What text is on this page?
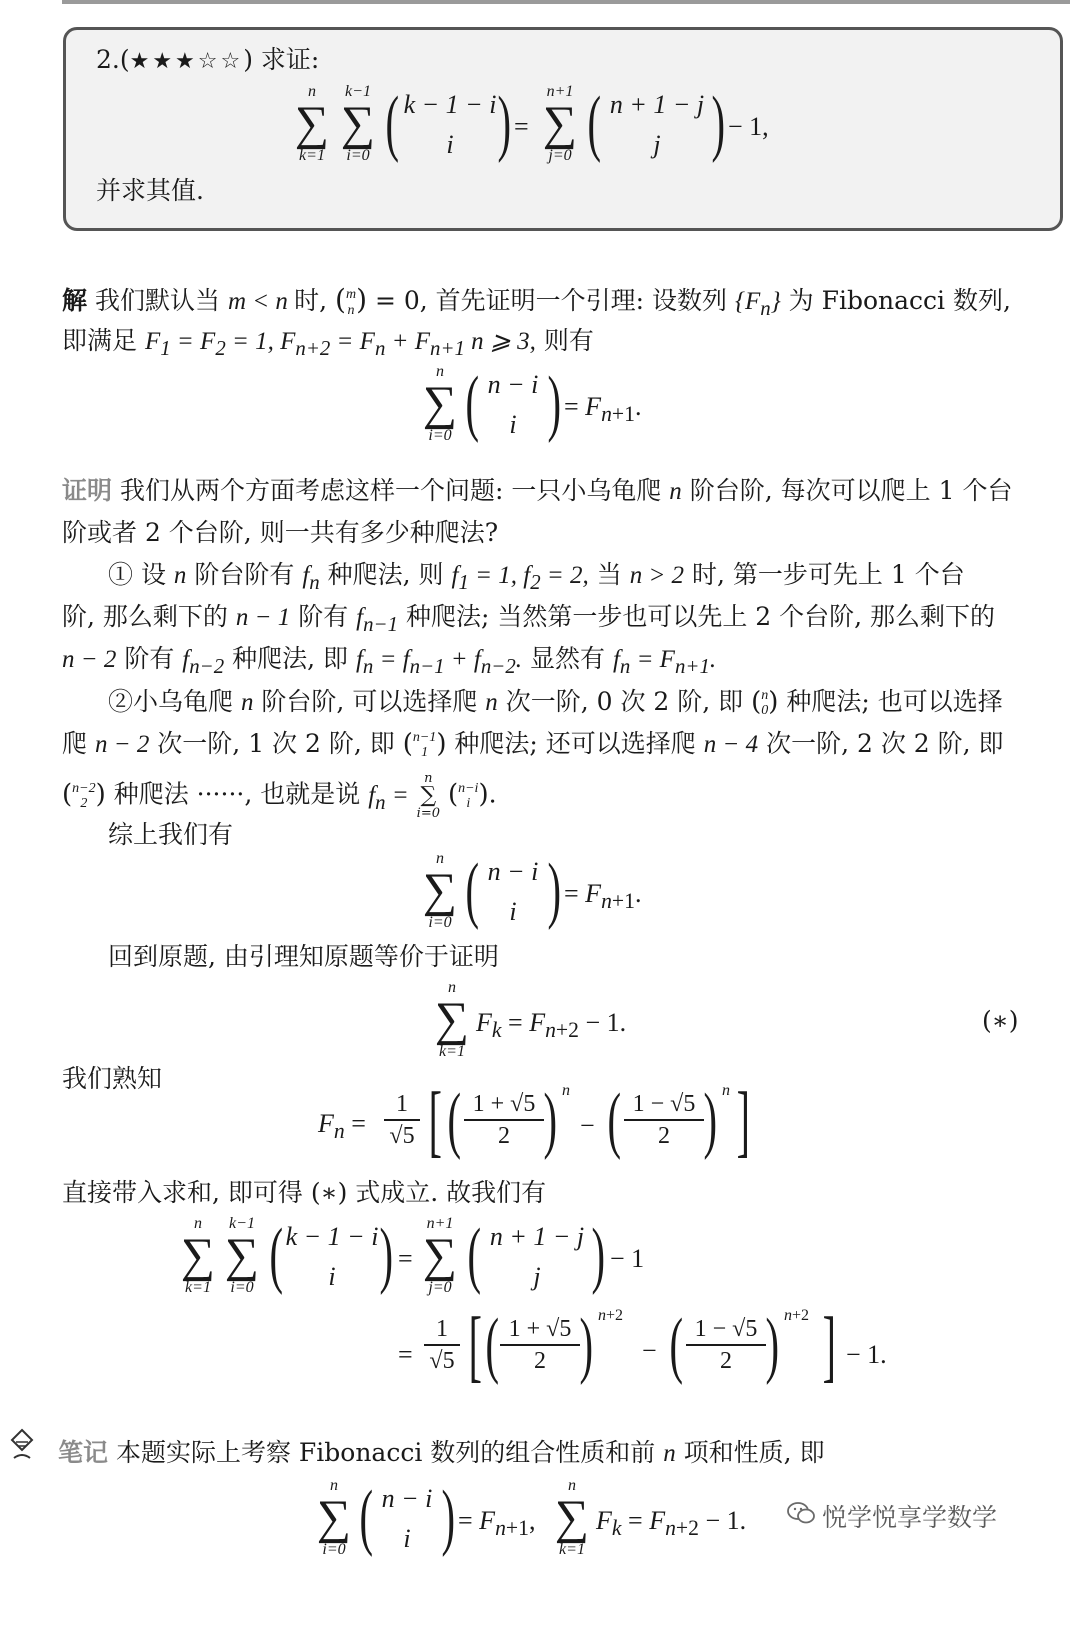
2.(★★★☆☆) 求证:
n
∑
k=1
k−1
∑
i=0 ( k − 1 − i
i ) =
n+1
∑
j=0 ( n + 1 − j
j ) − 1,
并求其值.
解 我们默认当 m < n 时, (m
n) = 0, 首先证明一个引理: 设数列 $\{F_n\}$ 为 Fibonacci 数列,
即满足 $F_1 = F_2 = 1$, $F_{n+2} = F_n + F_{n+1}$ n ⩾ 3, 则有
n
∑
i=0 ( n − i
i ) = $F_{n+1}$.
证明 我们从两个方面考虑这样一个问题: 一只小乌龟爬 n 阶台阶, 每次可以爬上 1 个台
阶或者 2 个台阶, 则一共有多少种爬法?
① 设 n 阶台阶有 $f_n$ 种爬法, 则 $f_1 = 1$, $f_2 = 2$, 当 n > 2 时, 第一步可先上 1 个台
阶, 那么剩下的 n − 1 阶有 $f_{n-1}$ 种爬法; 当然第一步也可以先上 2 个台阶, 那么剩下的
n − 2 阶有 $f_{n-2}$ 种爬法, 即 $f_n = f_{n-1} + f_{n-2}$. 显然有 $f_n = F_{n+1}$.
②小乌龟爬 n 阶台阶, 可以选择爬 n 次一阶, 0 次 2 阶, 即 (n
0) 种爬法; 也可以选择
爬 n − 2 次一阶, 1 次 2 阶, 即 (n−1
1 ) 种爬法; 还可以选择爬 n − 4 次一阶, 2 次 2 阶, 即
(n−2
2 ) 种爬法 ······, 也就是说 $f_n = n$
∑
i=0 (n−i
i ).
综上我们有
n
∑
i=0 ( n − i
i ) = $F_{n+1}$.
回到原题, 由引理知原题等价于证明
n
∑
k=1
$F_k = F_{n+2} - 1$.	(∗)
我们熟知
$F_n$ =
1
√5 [ ( 1 + √5
2 ) n
− ( 1 − √5
2 ) n ]
直接带入求和, 即可得 (∗) 式成立. 故我们有
n
∑
k=1
k−1
∑
i=0 ( k − 1 − i
i ) =
n+1
∑
j=0 ( n + 1 − j
j ) − 1
=
1
√5 [ ( 1 + √5
2 ) n+2
− ( 1 − √5
2 ) n+2 ] − 1.
笔记 本题实际上考察 Fibonacci 数列的组合性质和前 n 项和性质, 即
n
∑
i=0 ( n − i
i ) = $F_{n+1}$,
n
∑
k=1
$F_k = F_{n+2} - 1$.	悦学悦享学数学
